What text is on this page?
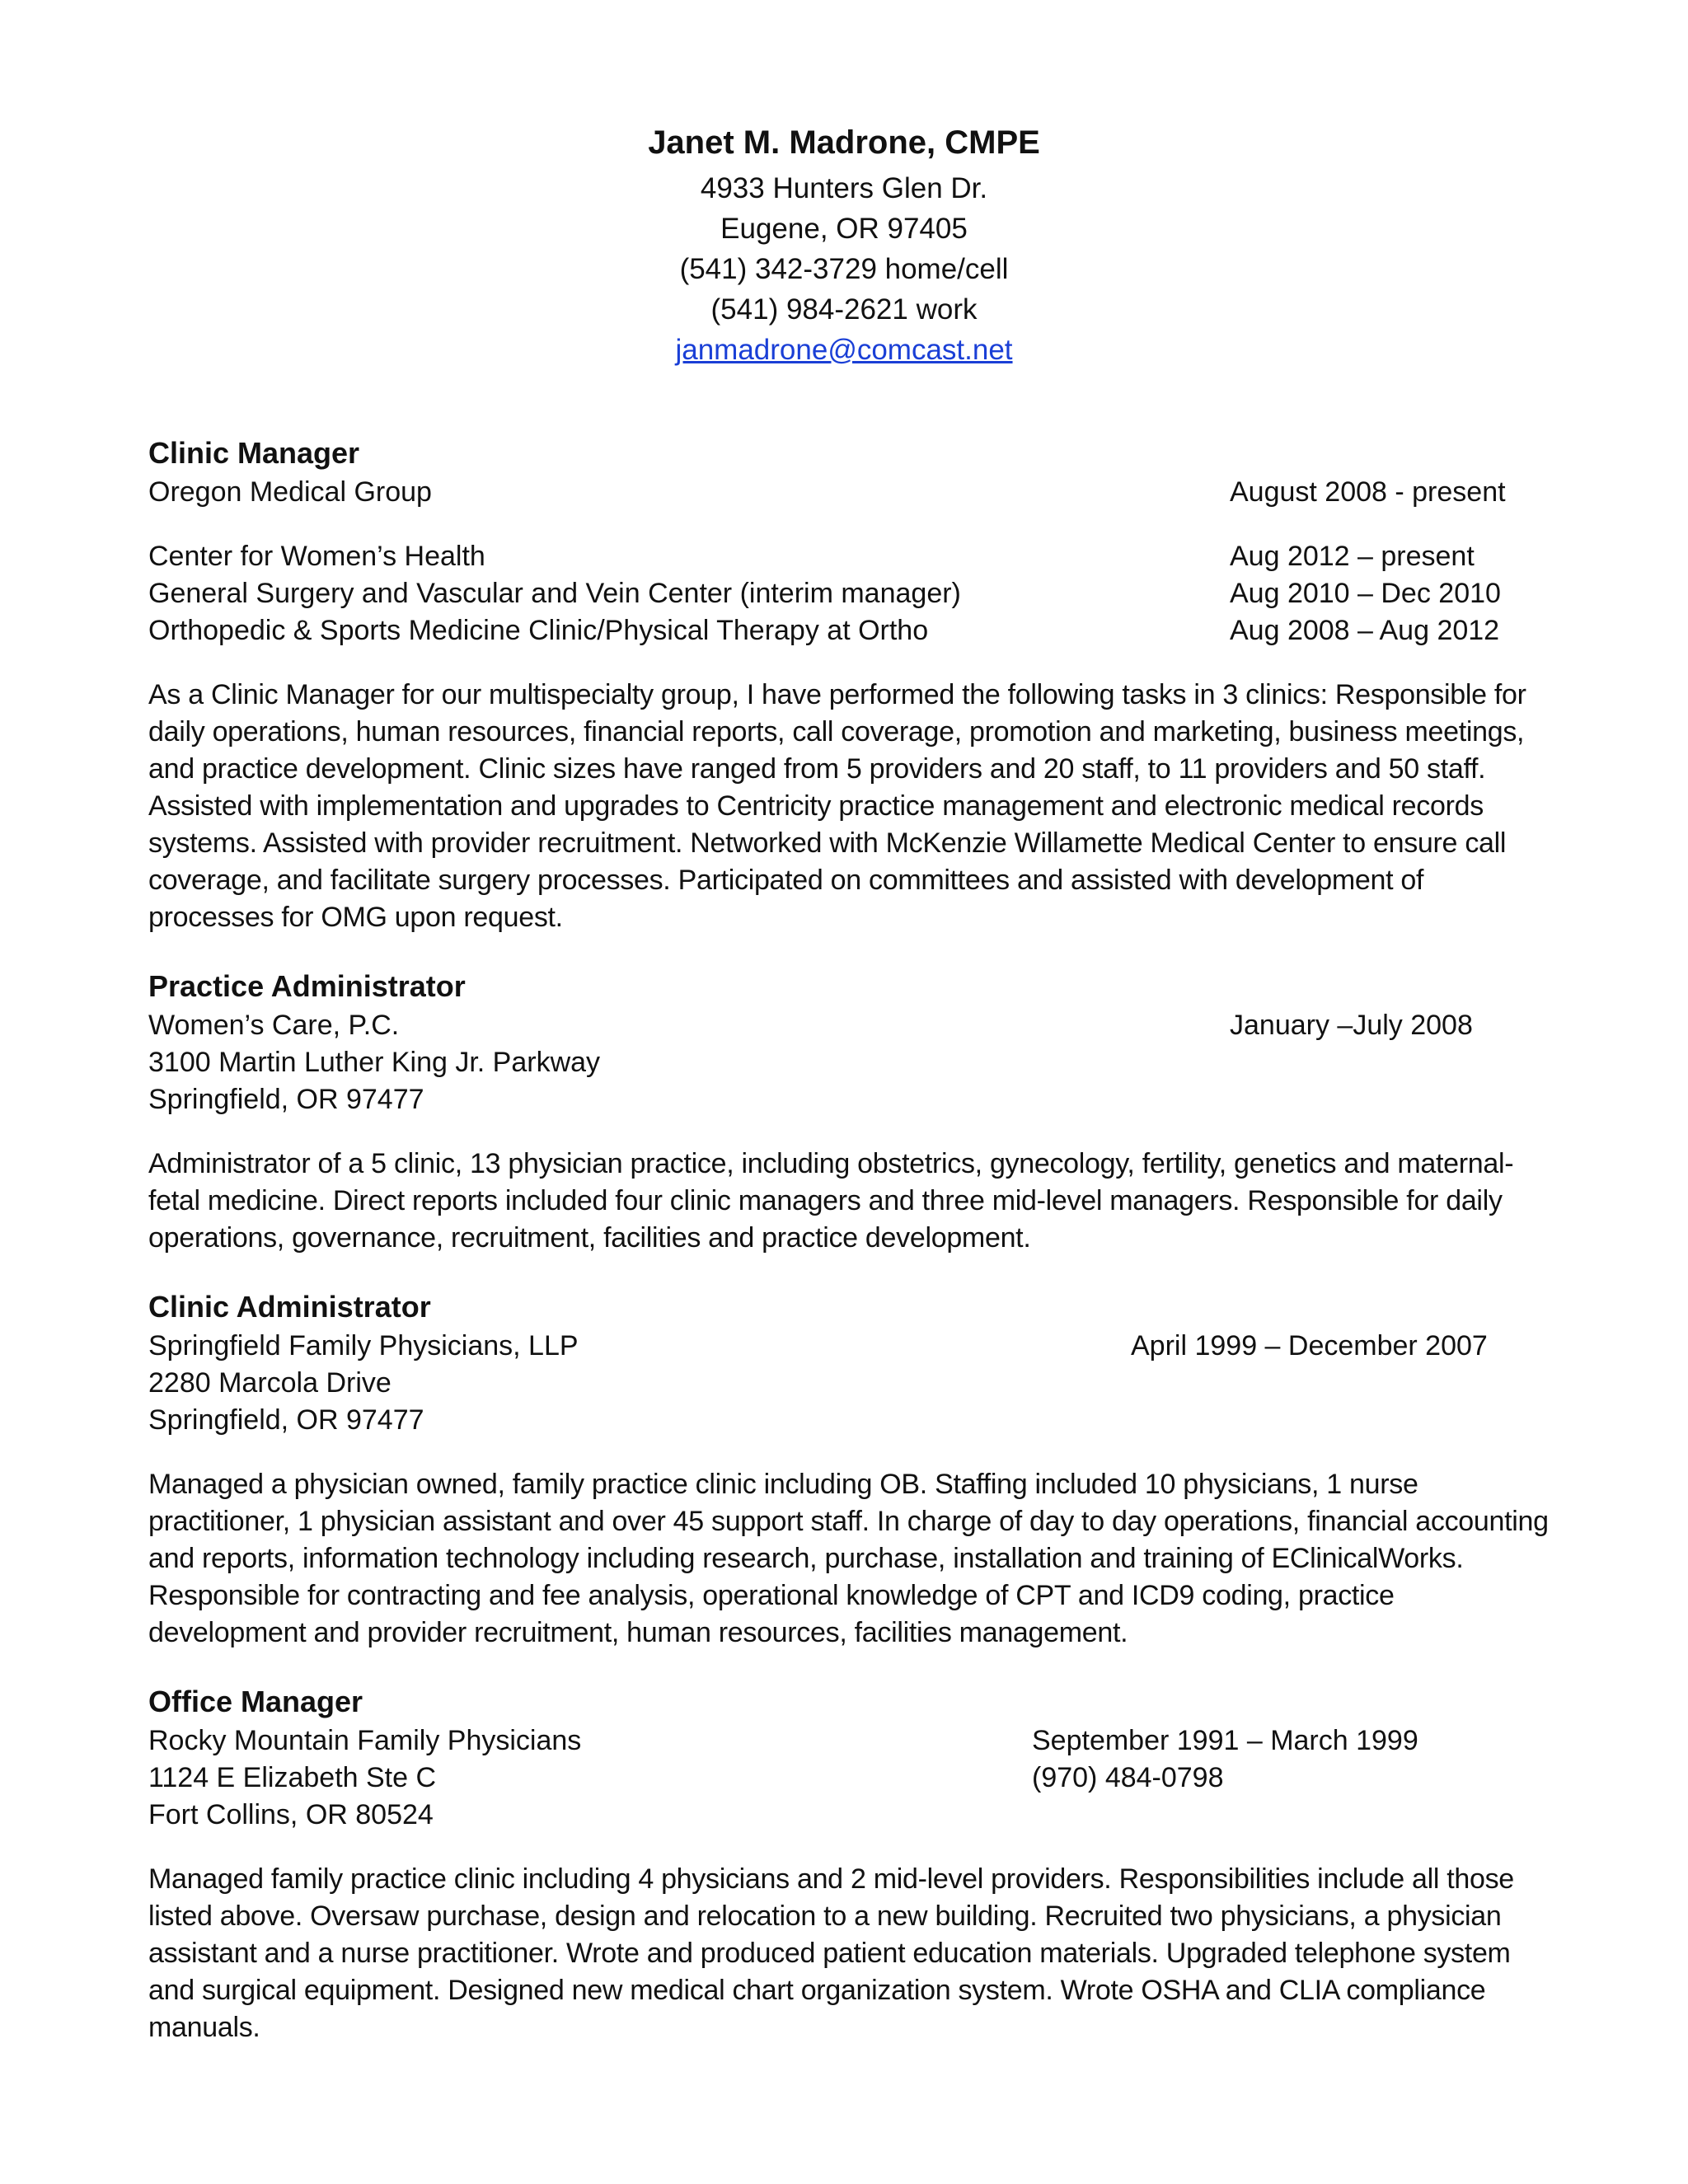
Janet M. Madrone, CMPE
4933 Hunters Glen Dr.
Eugene, OR 97405
(541) 342-3729 home/cell
(541) 984-2621 work
janmadrone@comcast.net
Clinic Manager
Oregon Medical Group	August 2008 - present
Center for Women’s Health	Aug 2012 – present
General Surgery and Vascular and Vein Center (interim manager)	Aug 2010 – Dec 2010
Orthopedic & Sports Medicine Clinic/Physical Therapy at Ortho	Aug 2008 – Aug 2012

As a Clinic Manager for our multispecialty group, I have performed the following tasks in 3 clinics: Responsible for daily operations, human resources, financial reports, call coverage, promotion and marketing, business meetings, and practice development. Clinic sizes have ranged from 5 providers and 20 staff, to 11 providers and 50 staff. Assisted with implementation and upgrades to Centricity practice management and electronic medical records systems. Assisted with provider recruitment. Networked with McKenzie Willamette Medical Center to ensure call coverage, and facilitate surgery processes. Participated on committees and assisted with development of processes for OMG upon request.

Practice Administrator
Women’s Care, P.C.	January –July 2008
3100 Martin Luther King Jr. Parkway
Springfield, OR 97477

Administrator of a 5 clinic, 13 physician practice, including obstetrics, gynecology, fertility, genetics and maternal-fetal medicine. Direct reports included four clinic managers and three mid-level managers. Responsible for daily operations, governance, recruitment, facilities and practice development.

Clinic Administrator
Springfield Family Physicians, LLP	April 1999 – December 2007
2280 Marcola Drive
Springfield, OR 97477

Managed a physician owned, family practice clinic including OB. Staffing included 10 physicians, 1 nurse practitioner, 1 physician assistant and over 45 support staff. In charge of day to day operations, financial accounting and reports, information technology including research, purchase, installation and training of EClinicalWorks. Responsible for contracting and fee analysis, operational knowledge of CPT and ICD9 coding, practice development and provider recruitment, human resources, facilities management.

Office Manager
Rocky Mountain Family Physicians	September 1991 – March 1999
1124 E Elizabeth Ste C	(970) 484-0798
Fort Collins, OR 80524

Managed family practice clinic including 4 physicians and 2 mid-level providers. Responsibilities include all those listed above. Oversaw purchase, design and relocation to a new building. Recruited two physicians, a physician assistant and a nurse practitioner. Wrote and produced patient education materials. Upgraded telephone system and surgical equipment. Designed new medical chart organization system. Wrote OSHA and CLIA compliance manuals.
